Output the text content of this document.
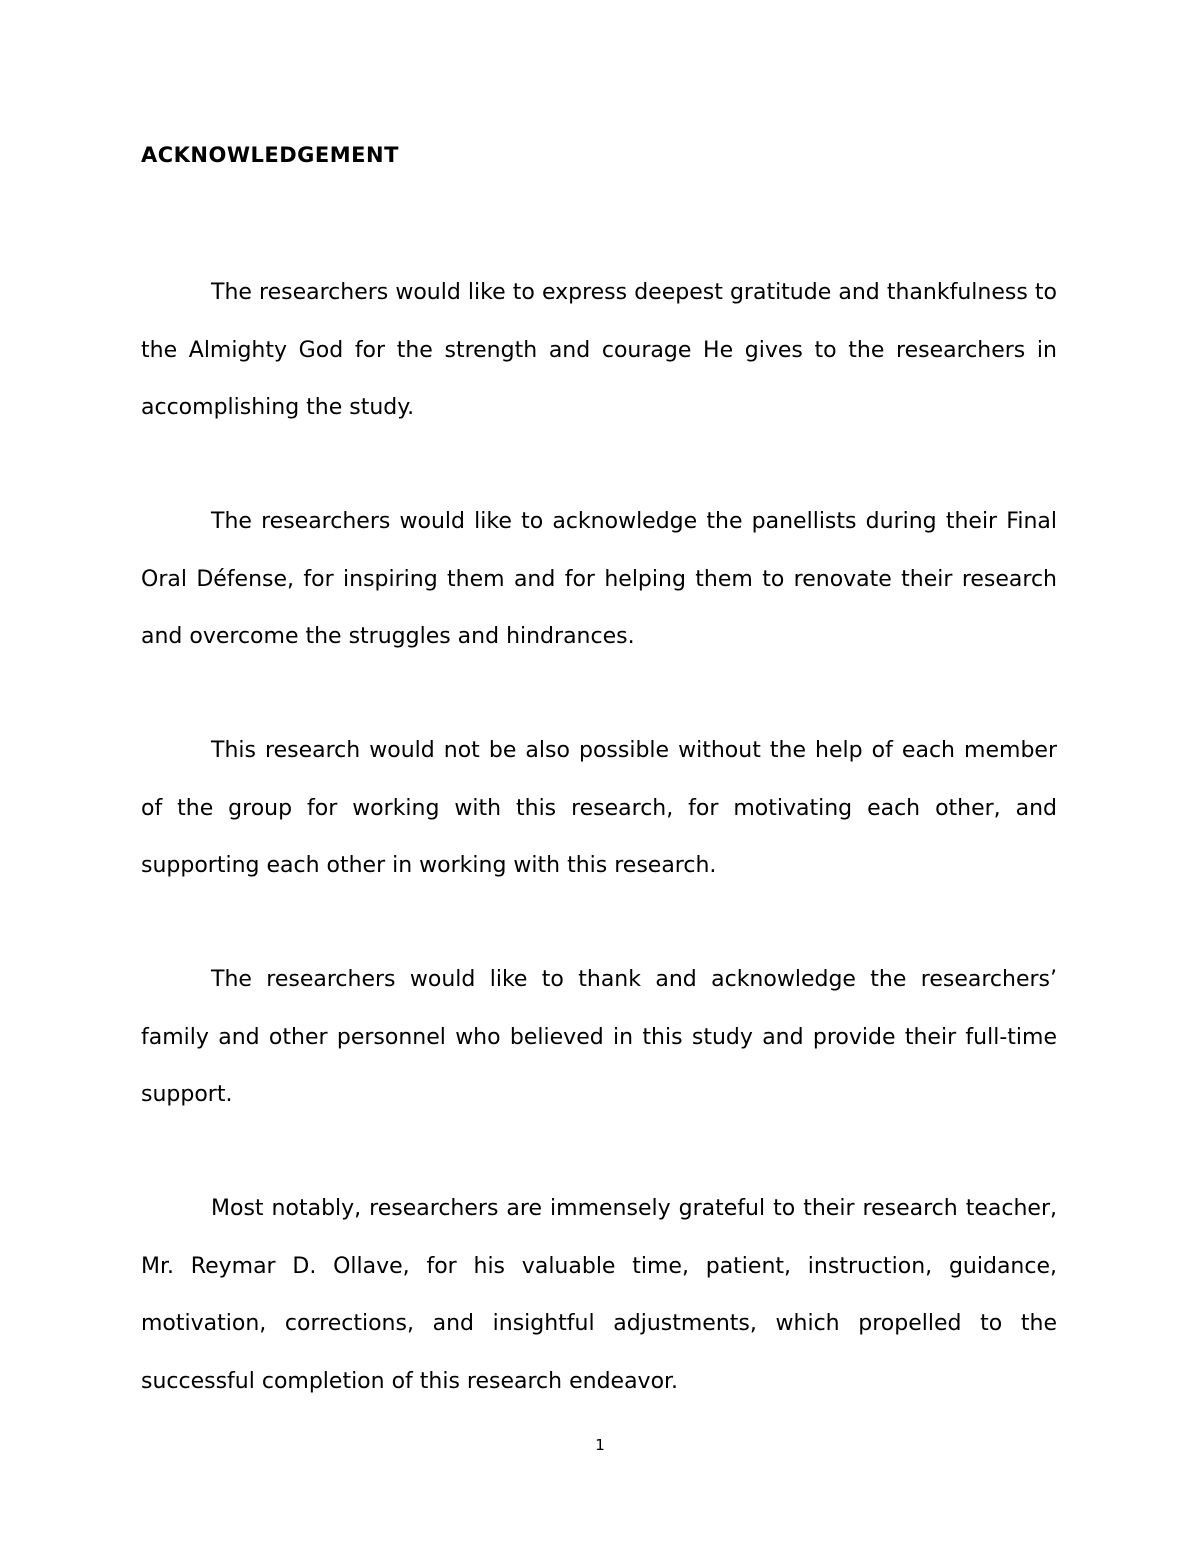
ACKNOWLEDGEMENT

The researchers would like to express deepest gratitude and thankfulness to the Almighty God for the strength and courage He gives to the researchers in accomplishing the study.

The researchers would like to acknowledge the panellists during their Final Oral Défense, for inspiring them and for helping them to renovate their research and overcome the struggles and hindrances.

This research would not be also possible without the help of each member of the group for working with this research, for motivating each other, and supporting each other in working with this research.

The researchers would like to thank and acknowledge the researchers’ family and other personnel who believed in this study and provide their full-time support.

Most notably, researchers are immensely grateful to their research teacher, Mr. Reymar D. Ollave, for his valuable time, patient, instruction, guidance, motivation, corrections, and insightful adjustments, which propelled to the successful completion of this research endeavor.

1
